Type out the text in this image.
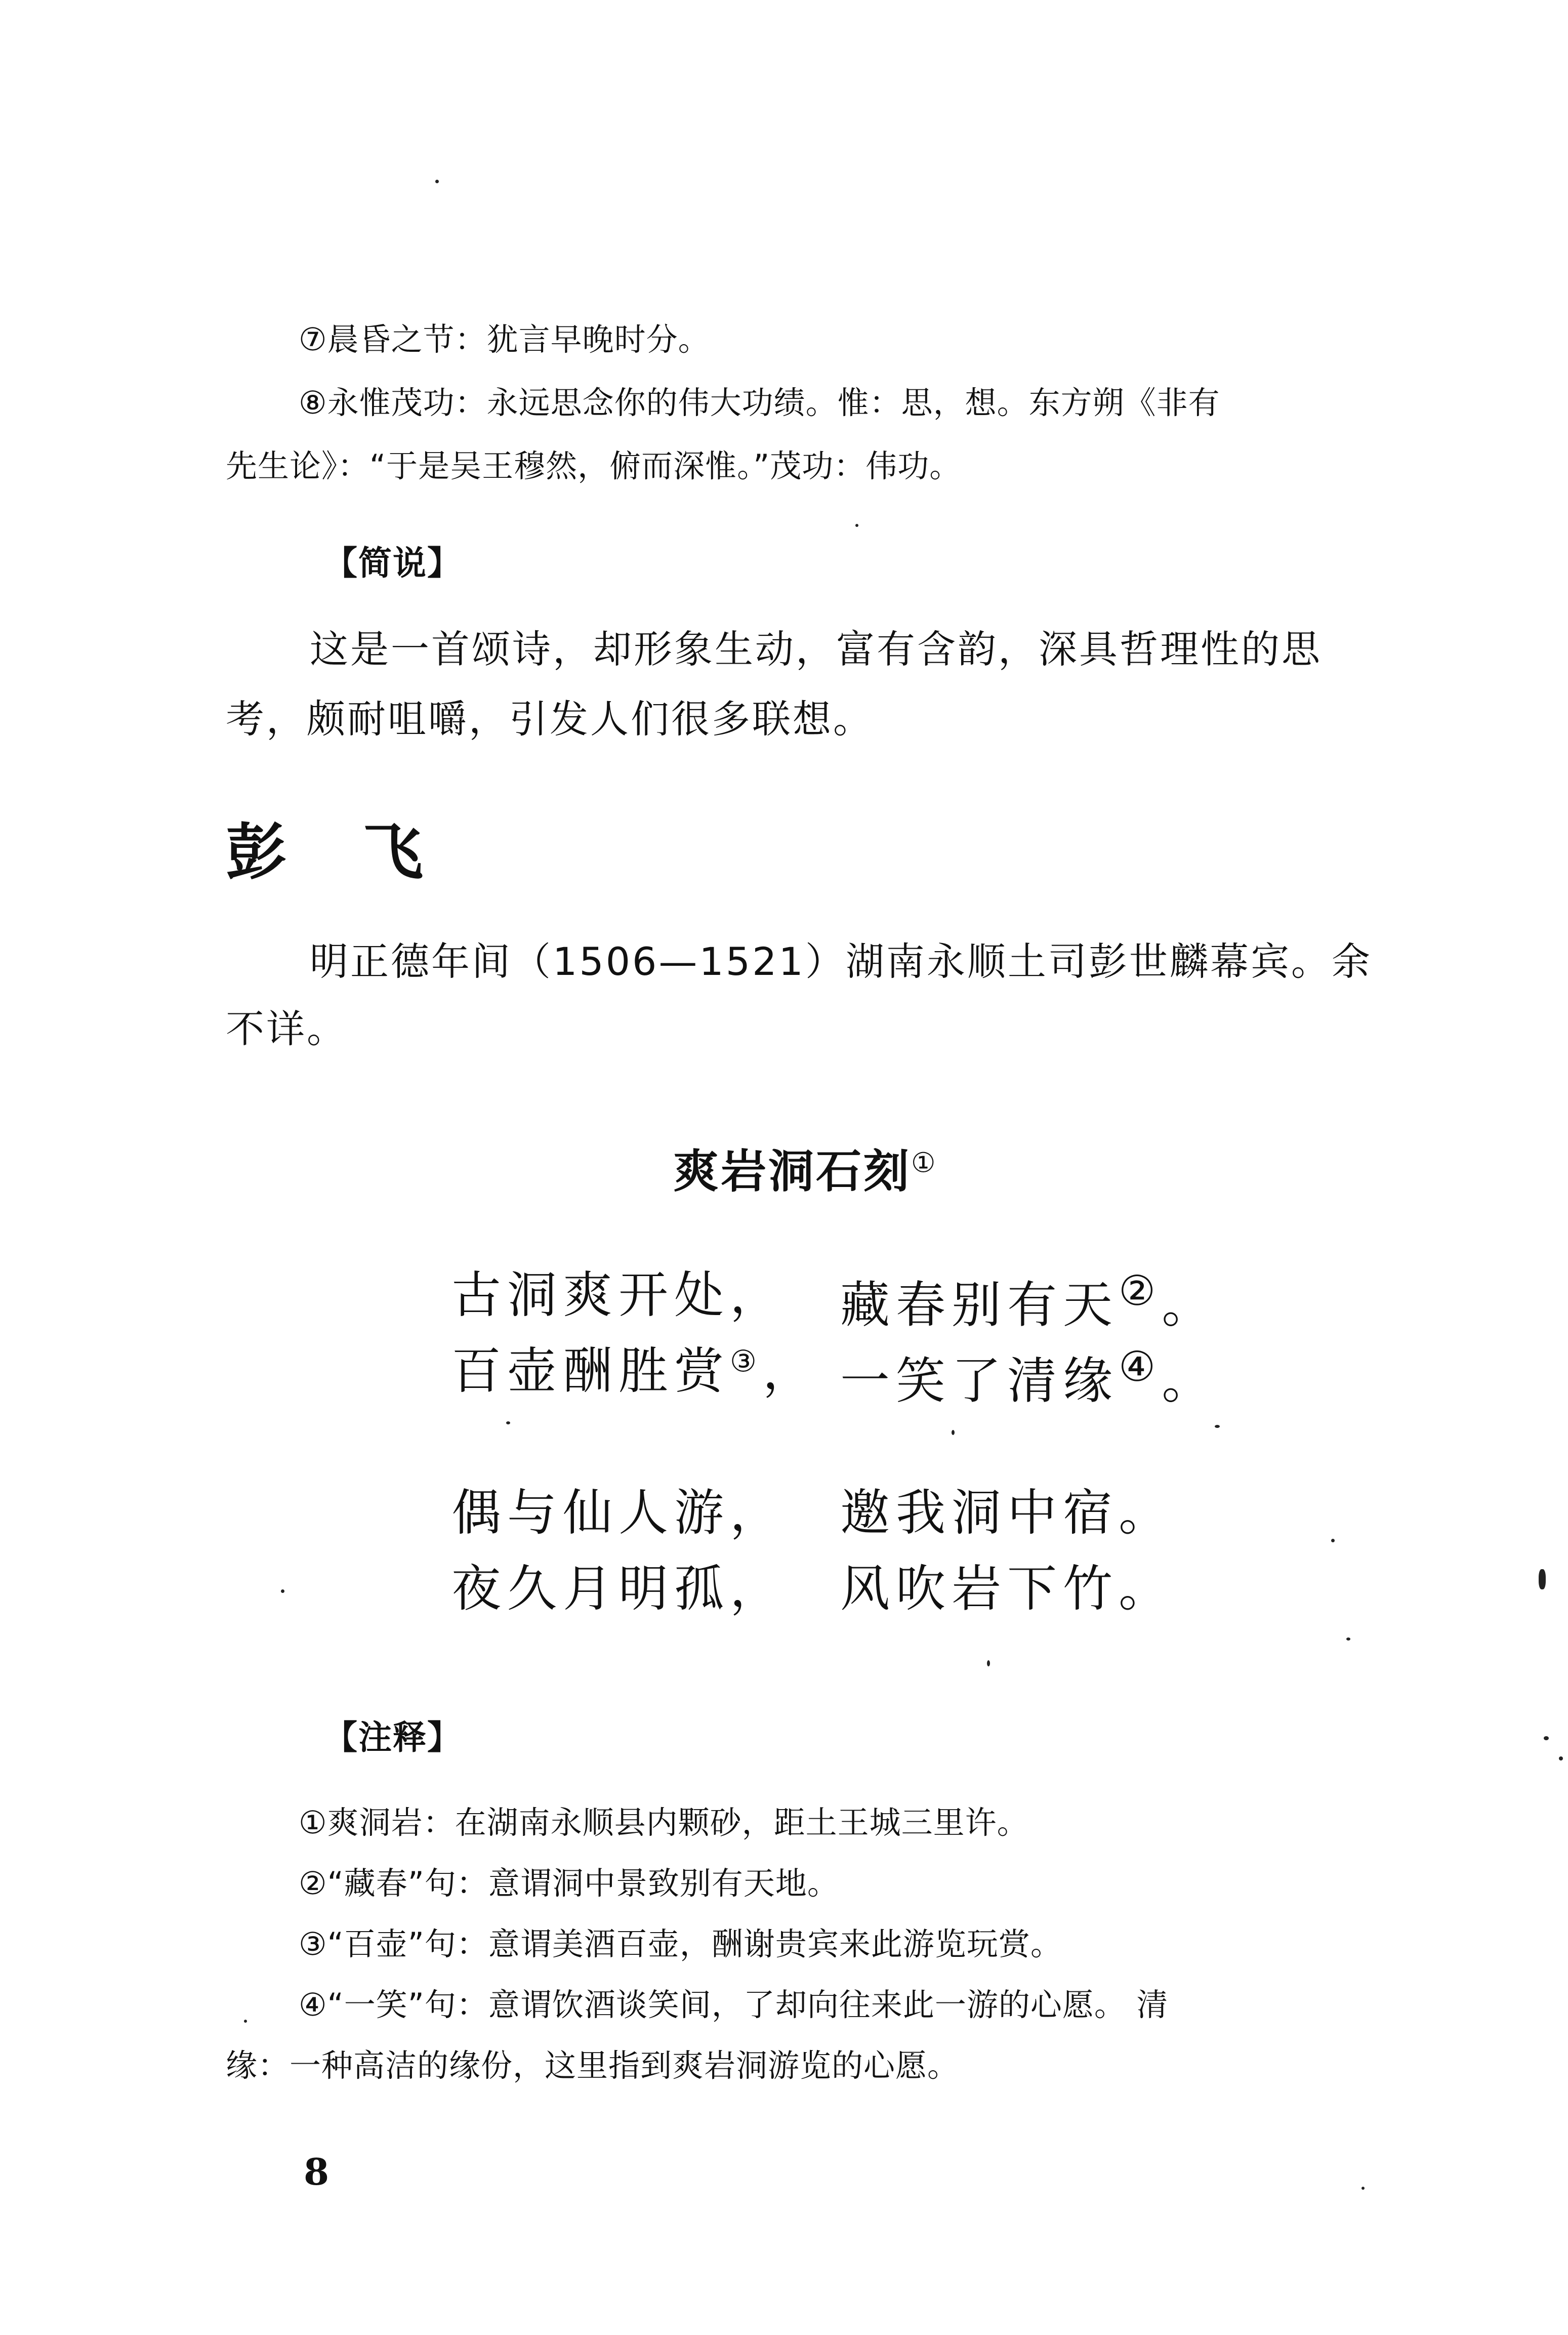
⑦晨昏之节：犹言早晚时分。
⑧永惟茂功：永远思念你的伟大功绩。惟：思，想。东方朔《非有
先生论》：“于是吴王穆然，俯而深惟。”茂功：伟功。
【简说】
这是一首颂诗，却形象生动，富有含韵，深具哲理性的思
考，颇耐咀嚼，引发人们很多联想。
彭飞
明正德年间（1506—1521）湖南永顺土司彭世麟幕宾。余
不详。
爽岩洞石刻①
古洞爽开处， 藏春别有天②。
百壶酬胜赏③， 一笑了清缘④。
偶与仙人游， 邀我洞中宿。
夜久月明孤， 风吹岩下竹。
【注释】
①爽洞岩：在湖南永顺县内颗砂，距土王城三里许。
②“藏春”句：意谓洞中景致别有天地。
③“百壶”句：意谓美酒百壶，酬谢贵宾来此游览玩赏。
④“一笑”句：意谓饮酒谈笑间，了却向往来此一游的心愿。 清
缘：一种高洁的缘份，这里指到爽岩洞游览的心愿。
8
